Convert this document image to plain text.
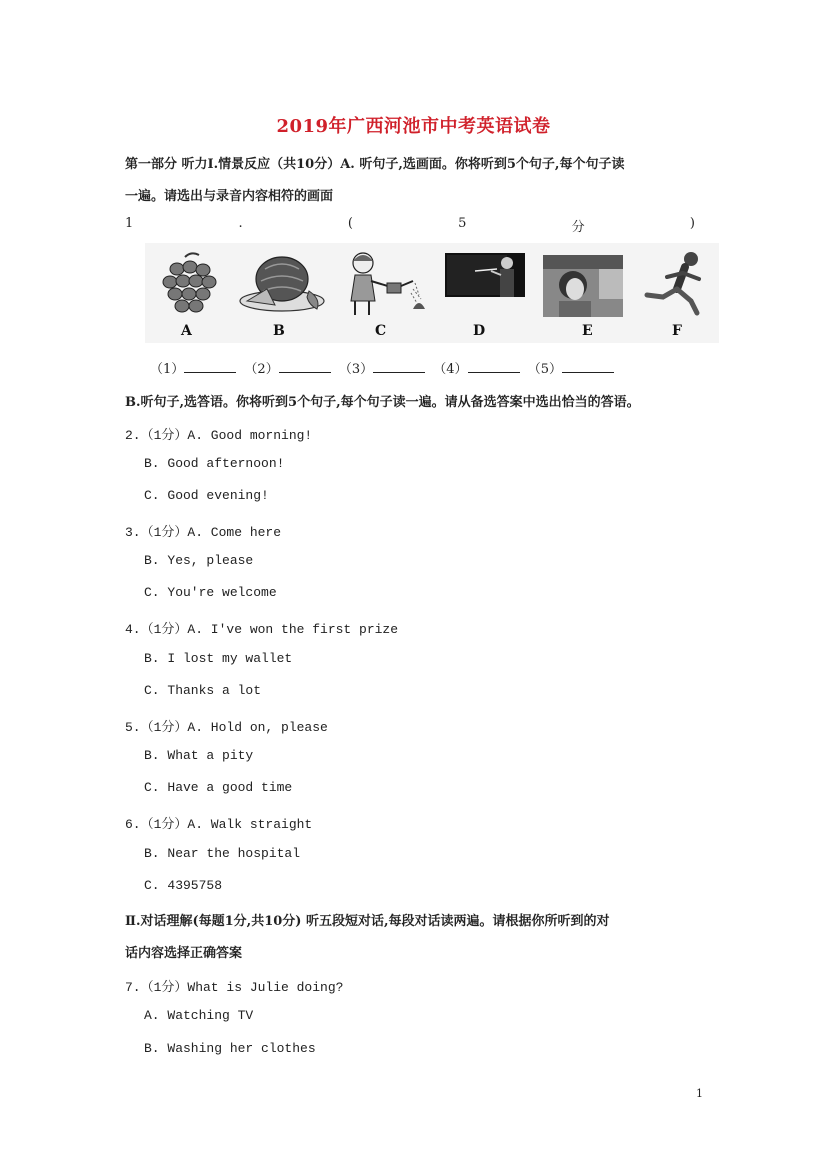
2019年广西河池市中考英语试卷
第一部分 听力Ⅰ.情景反应（共10分）A. 听句子,选画面。你将听到5个句子,每个句子读
一遍。请选出与录音内容相符的画面
1	.	(	5	分	)
A	B	C	D	E	F
（1）	（2）	（3）	（4）	（5）
B.听句子,选答语。你将听到5个句子,每个句子读一遍。请从备选答案中选出恰当的答语。
2.（1分）A. Good morning!
B. Good afternoon!
C. Good evening!
3.（1分）A. Come here
B. Yes, please
C. You're welcome
4.（1分）A. I've won the first prize
B. I lost my wallet
C. Thanks a lot
5.（1分）A. Hold on, please
B. What a pity
C. Have a good time
6.（1分）A. Walk straight
B. Near the hospital
C. 4395758
Ⅱ.对话理解(每题1分,共10分) 听五段短对话,每段对话读两遍。请根据你所听到的对
话内容选择正确答案
7.（1分）What is Julie doing?
A. Watching TV
B. Washing her clothes
1
